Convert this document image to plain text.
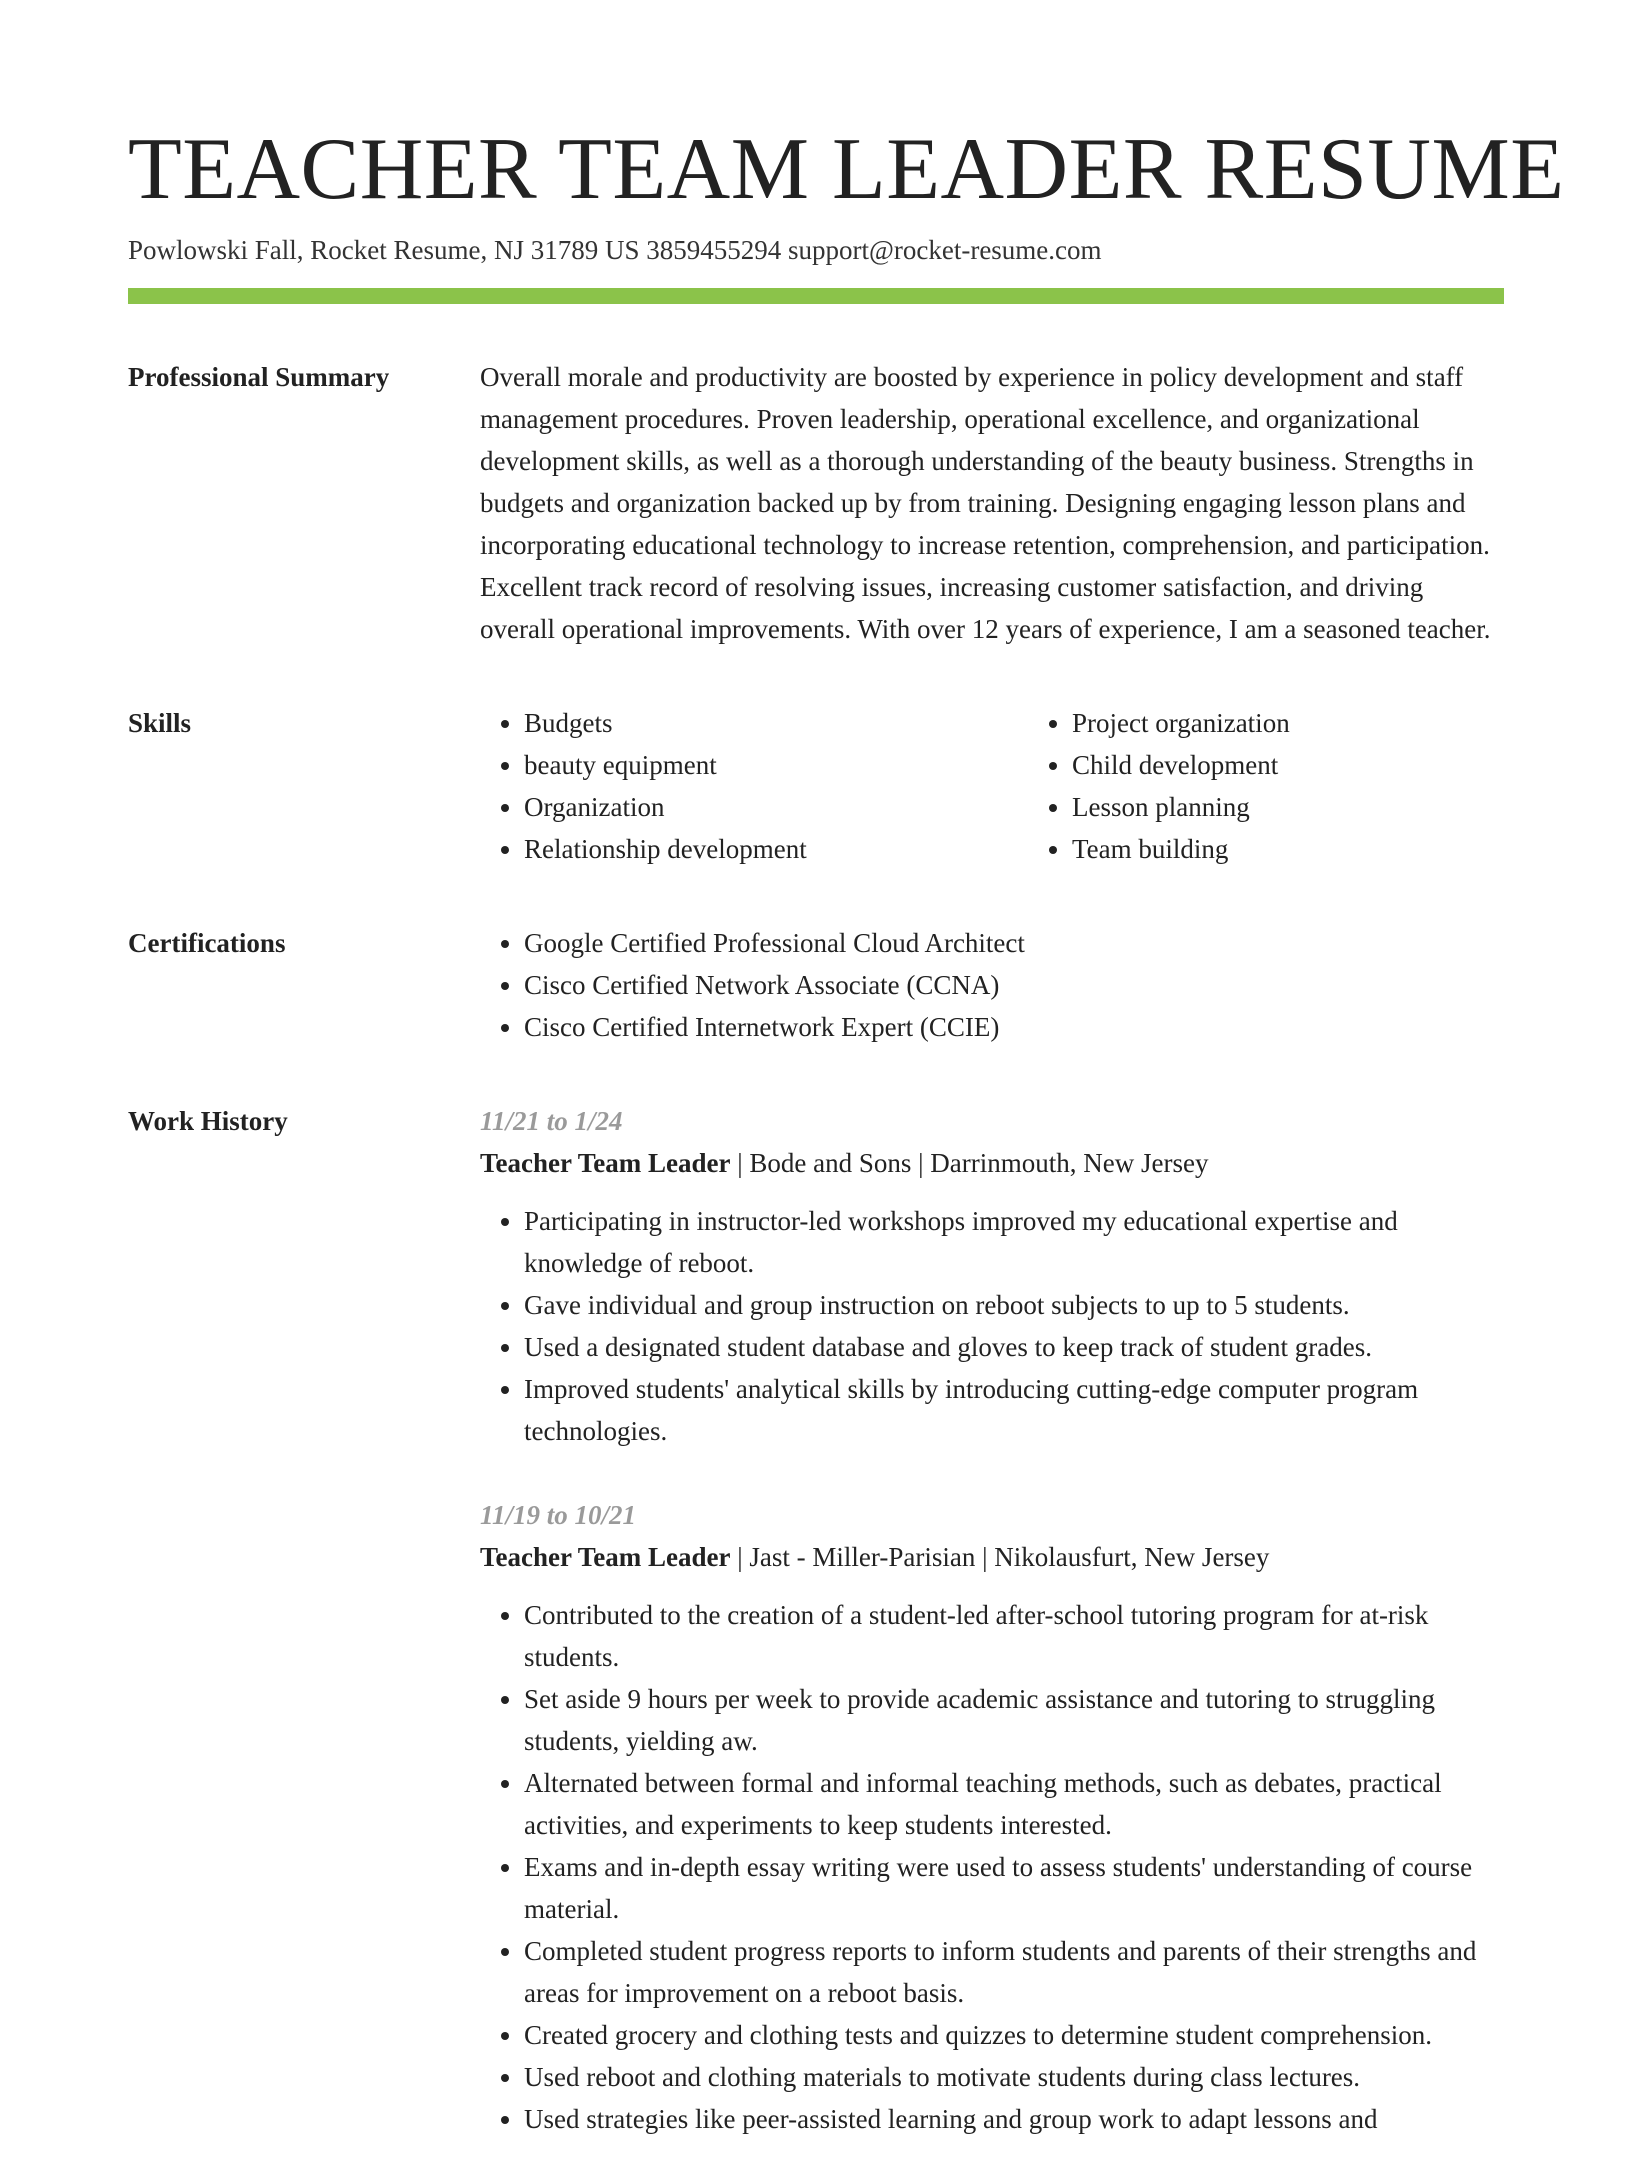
TEACHER TEAM LEADER RESUME
Powlowski Fall, Rocket Resume, NJ 31789 US 3859455294 support@rocket-resume.com
Professional Summary	Overall morale and productivity are boosted by experience in policy development and staff management procedures. Proven leadership, operational excellence, and organizational development skills, as well as a thorough understanding of the beauty business. Strengths in budgets and organization backed up by from training. Designing engaging lesson plans and incorporating educational technology to increase retention, comprehension, and participation. Excellent track record of resolving issues, increasing customer satisfaction, and driving overall operational improvements. With over 12 years of experience, I am a seasoned teacher.

Skills	• Budgets
• beauty equipment
• Organization
• Relationship development
• Project organization
• Child development
• Lesson planning
• Team building
Certifications	• Google Certified Professional Cloud Architect
• Cisco Certified Network Associate (CCNA)
• Cisco Certified Internetwork Expert (CCIE)
Work History	11/21 to 1/24
Teacher Team Leader | Bode and Sons | Darrinmouth, New Jersey
• Participating in instructor-led workshops improved my educational expertise and knowledge of reboot.
• Gave individual and group instruction on reboot subjects to up to 5 students.
• Used a designated student database and gloves to keep track of student grades.
• Improved students' analytical skills by introducing cutting-edge computer program technologies.
11/19 to 10/21
Teacher Team Leader | Jast - Miller-Parisian | Nikolausfurt, New Jersey
• Contributed to the creation of a student-led after-school tutoring program for at-risk students.
• Set aside 9 hours per week to provide academic assistance and tutoring to struggling students, yielding aw.
• Alternated between formal and informal teaching methods, such as debates, practical activities, and experiments to keep students interested.
• Exams and in-depth essay writing were used to assess students' understanding of course material.
• Completed student progress reports to inform students and parents of their strengths and areas for improvement on a reboot basis.
• Created grocery and clothing tests and quizzes to determine student comprehension.
• Used reboot and clothing materials to motivate students during class lectures.
• Used strategies like peer-assisted learning and group work to adapt lessons and
